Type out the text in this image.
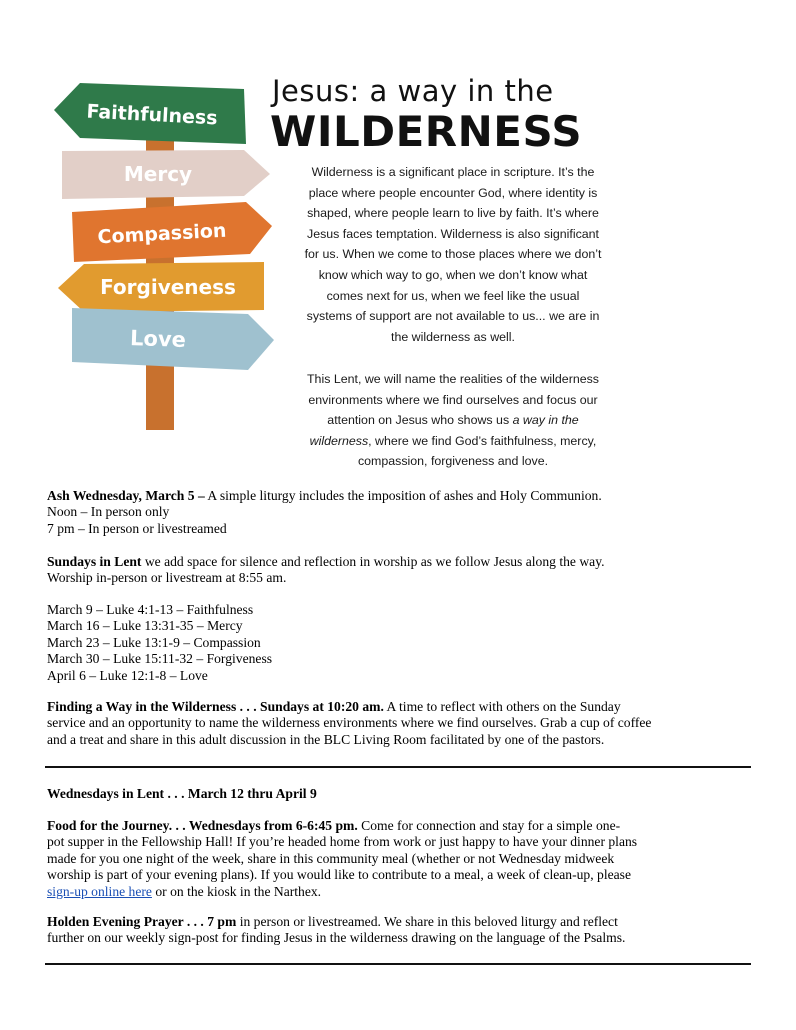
Faithfulness
Mercy
Compassion
Forgiveness
Love
Jesus: a way in the
WILDERNESS
Wilderness is a significant place in scripture. It’s the
place where people encounter God, where identity is
shaped, where people learn to live by faith. It’s where
Jesus faces temptation. Wilderness is also significant
for us. When we come to those places where we don’t
know which way to go, when we don’t know what
comes next for us, when we feel like the usual
systems of support are not available to us... we are in
the wilderness as well.
This Lent, we will name the realities of the wilderness
environments where we find ourselves and focus our
attention on Jesus who shows us a way in the
wilderness, where we find God’s faithfulness, mercy,
compassion, forgiveness and love.
Ash Wednesday, March 5 – A simple liturgy includes the imposition of ashes and Holy Communion.
Noon – In person only
7 pm – In person or livestreamed
Sundays in Lent we add space for silence and reflection in worship as we follow Jesus along the way.
Worship in-person or livestream at 8:55 am.
March 9 – Luke 4:1-13 – Faithfulness
March 16 – Luke 13:31-35 – Mercy
March 23 – Luke 13:1-9 – Compassion
March 30 – Luke 15:11-32 – Forgiveness
April 6 – Luke 12:1-8 – Love
Finding a Way in the Wilderness . . . Sundays at 10:20 am. A time to reflect with others on the Sunday
service and an opportunity to name the wilderness environments where we find ourselves. Grab a cup of coffee
and a treat and share in this adult discussion in the BLC Living Room facilitated by one of the pastors.
Wednesdays in Lent . . . March 12 thru April 9
Food for the Journey. . . Wednesdays from 6-6:45 pm. Come for connection and stay for a simple one-
pot supper in the Fellowship Hall! If you’re headed home from work or just happy to have your dinner plans
made for you one night of the week, share in this community meal (whether or not Wednesday midweek
worship is part of your evening plans). If you would like to contribute to a meal, a week of clean-up, please
sign-up online here or on the kiosk in the Narthex.
Holden Evening Prayer . . . 7 pm in person or livestreamed. We share in this beloved liturgy and reflect
further on our weekly sign-post for finding Jesus in the wilderness drawing on the language of the Psalms.
